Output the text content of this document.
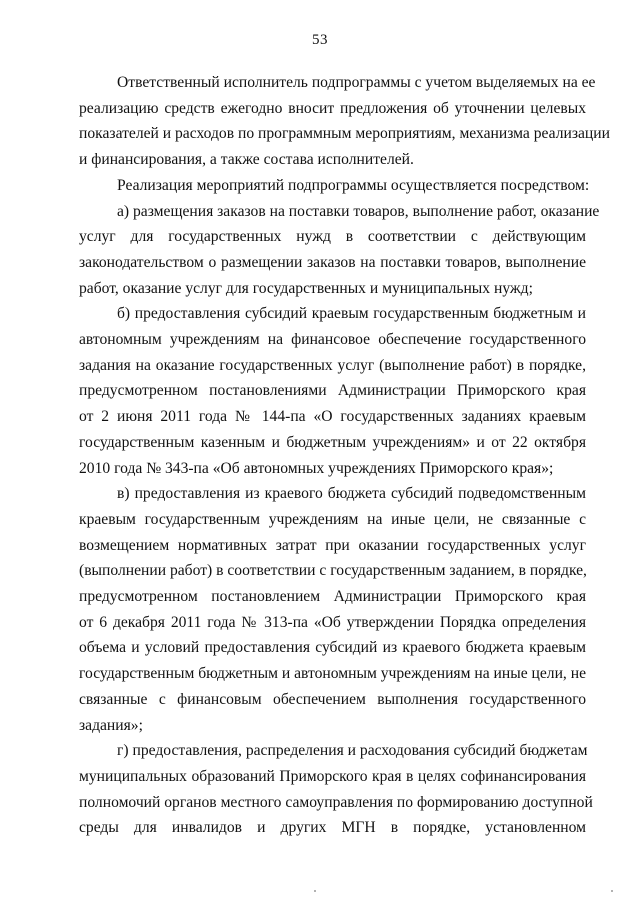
53

Ответственный исполнитель подпрограммы с учетом выделяемых на ее
реализацию средств ежегодно вносит предложения об уточнении целевых
показателей и расходов по программным мероприятиям, механизма реализации
и финансирования, а также состава исполнителей.

Реализация мероприятий подпрограммы осуществляется посредством:

а) размещения заказов на поставки товаров, выполнение работ, оказание
услуг для государственных нужд в соответствии с действующим
законодательством о размещении заказов на поставки товаров, выполнение
работ, оказание услуг для государственных и муниципальных нужд;

б) предоставления субсидий краевым государственным бюджетным и
автономным учреждениям на финансовое обеспечение государственного
задания на оказание государственных услуг (выполнение работ) в порядке,
предусмотренном постановлениями Администрации Приморского края
от 2 июня 2011 года № 144-па «О государственных заданиях краевым
государственным казенным и бюджетным учреждениям» и от 22 октября
2010 года № 343-па «Об автономных учреждениях Приморского края»;

в) предоставления из краевого бюджета субсидий подведомственным
краевым государственным учреждениям на иные цели, не связанные с
возмещением нормативных затрат при оказании государственных услуг
(выполнении работ) в соответствии с государственным заданием, в порядке,
предусмотренном постановлением Администрации Приморского края
от 6 декабря 2011 года № 313-па «Об утверждении Порядка определения
объема и условий предоставления субсидий из краевого бюджета краевым
государственным бюджетным и автономным учреждениям на иные цели, не
связанные с финансовым обеспечением выполнения государственного
задания»;

г) предоставления, распределения и расходования субсидий бюджетам
муниципальных образований Приморского края в целях софинансирования
полномочий органов местного самоуправления по формированию доступной
среды для инвалидов и других МГН в порядке, установленном
